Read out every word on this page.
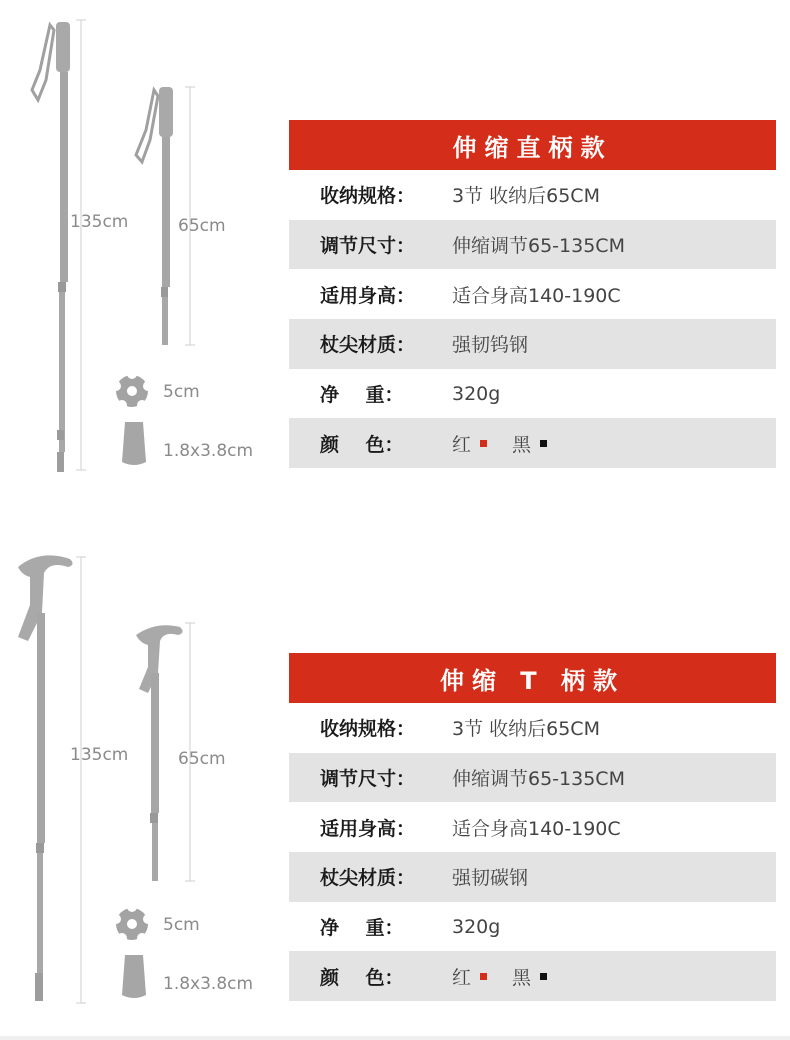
135cm	65cm
5cm
1.8x3.8cm
伸缩直柄款
收纳规格：	3节 收纳后65CM
调节尺寸：	伸缩调节65-135CM
适用身高：	适合身高140-190C
杖尖材质：	强韧钨钢
净    重：	320g
颜    色：	红 黑
135cm	65cm
5cm
1.8x3.8cm
伸缩 T 柄款
收纳规格：	3节 收纳后65CM
调节尺寸：	伸缩调节65-135CM
适用身高：	适合身高140-190C
杖尖材质：	强韧碳钢
净    重：	320g
颜    色：	红 黑
